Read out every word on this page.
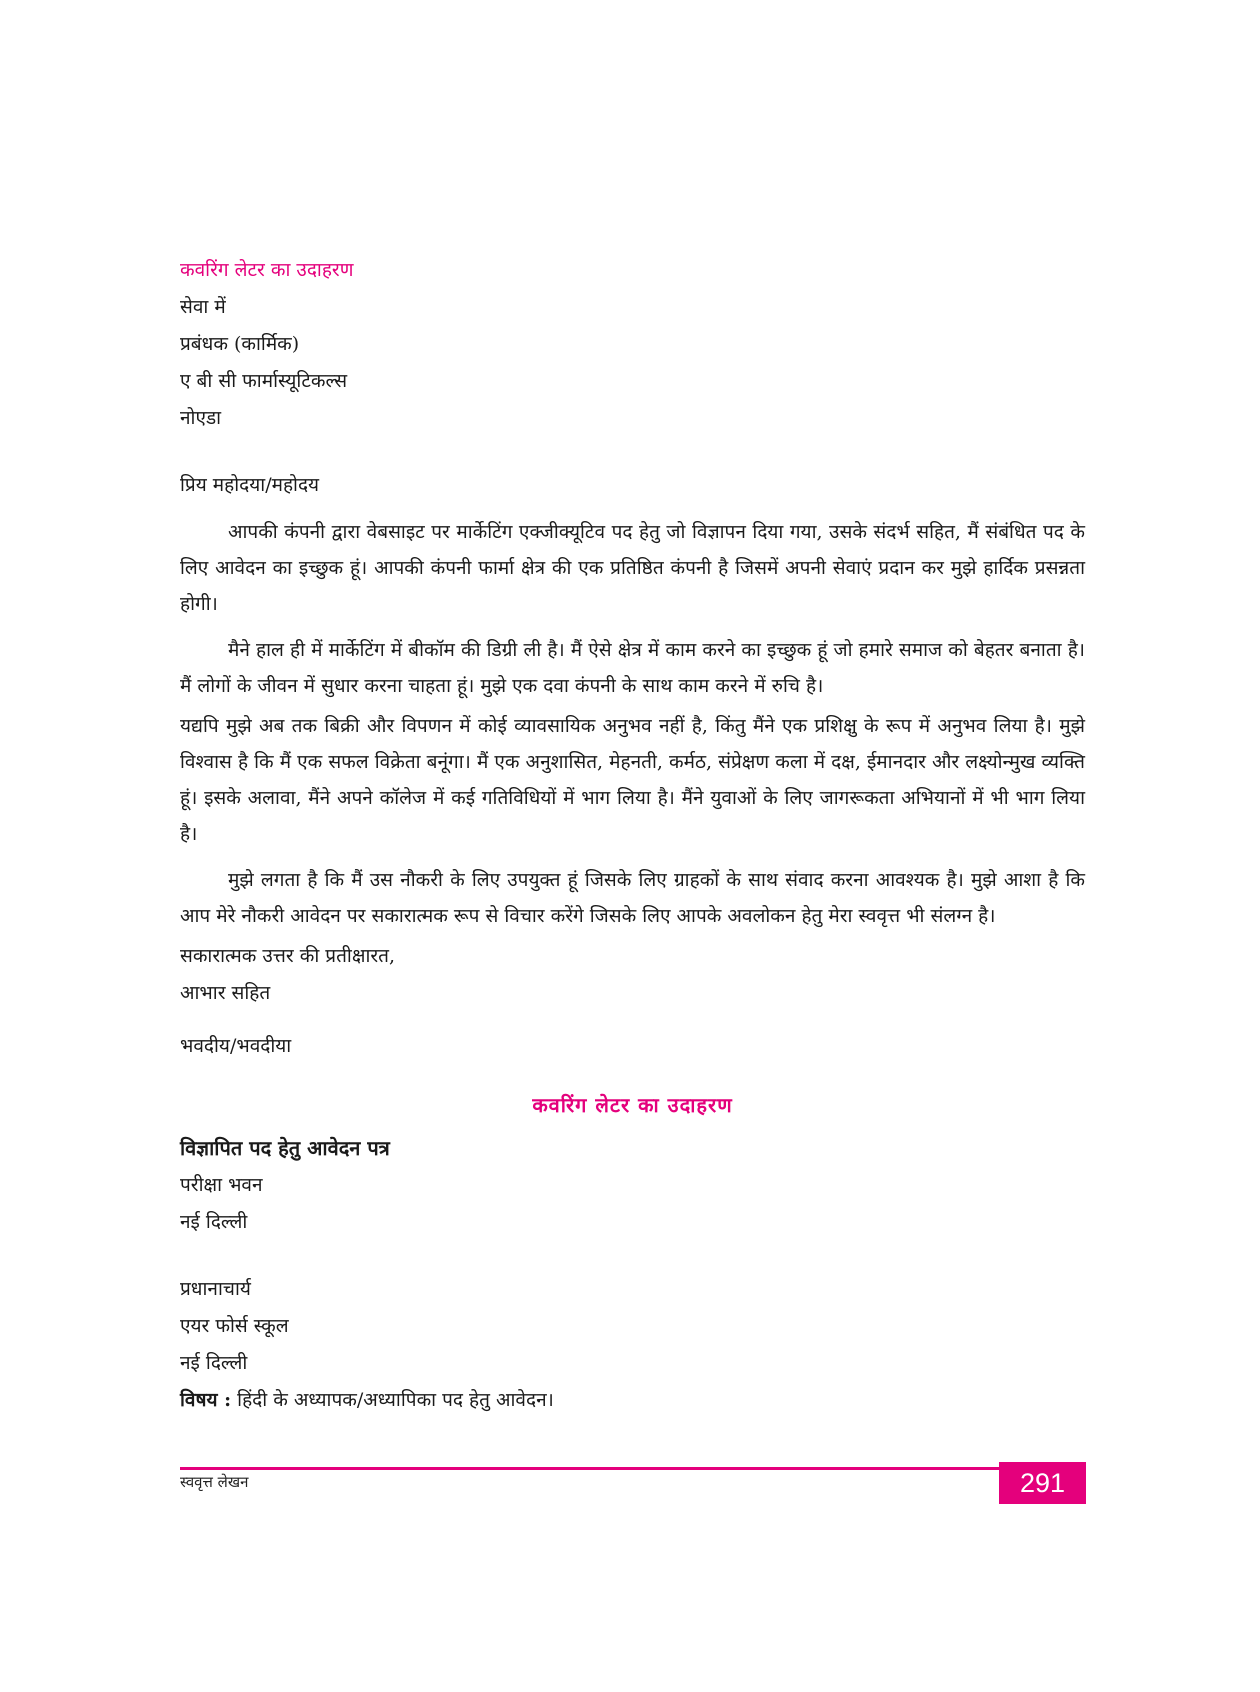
कवरिंग लेटर का उदाहरण
सेवा में
प्रबंधक (कार्मिक)
ए बी सी फार्मास्यूटिकल्स
नोएडा
प्रिय महोदया/महोदय

आपकी कंपनी द्वारा वेबसाइट पर मार्केटिंग एक्जीक्यूटिव पद हेतु जो विज्ञापन दिया गया, उसके संदर्भ सहित, मैं संबंधित पद के लिए आवेदन का इच्छुक हूं। आपकी कंपनी फार्मा क्षेत्र की एक प्रतिष्ठित कंपनी है जिसमें अपनी सेवाएं प्रदान कर मुझे हार्दिक प्रसन्नता होगी।

मैने हाल ही में मार्केटिंग में बीकॉम की डिग्री ली है। मैं ऐसे क्षेत्र में काम करने का इच्छुक हूं जो हमारे समाज को बेहतर बनाता है। मैं लोगों के जीवन में सुधार करना चाहता हूं। मुझे एक दवा कंपनी के साथ काम करने में रुचि है।

यद्यपि मुझे अब तक बिक्री और विपणन में कोई व्यावसायिक अनुभव नहीं है, किंतु मैंने एक प्रशिक्षु के रूप में अनुभव लिया है। मुझे विश्वास है कि मैं एक सफल विक्रेता बनूंगा। मैं एक अनुशासित, मेहनती, कर्मठ, संप्रेक्षण कला में दक्ष, ईमानदार और लक्ष्योन्मुख व्यक्ति हूं। इसके अलावा, मैंने अपने कॉलेज में कई गतिविधियों में भाग लिया है। मैंने युवाओं के लिए जागरूकता अभियानों में भी भाग लिया है।

मुझे लगता है कि मैं उस नौकरी के लिए उपयुक्त हूं जिसके लिए ग्राहकों के साथ संवाद करना आवश्यक है। मुझे आशा है कि आप मेरे नौकरी आवेदन पर सकारात्मक रूप से विचार करेंगे जिसके लिए आपके अवलोकन हेतु मेरा स्ववृत्त भी संलग्न है।

सकारात्मक उत्तर की प्रतीक्षारत,
आभार सहित
भवदीय/भवदीया
कवरिंग लेटर का उदाहरण
विज्ञापित पद हेतु आवेदन पत्र
परीक्षा भवन
नई दिल्ली
प्रधानाचार्य
एयर फोर्स स्कूल
नई दिल्ली
विषय : हिंदी के अध्यापक/अध्यापिका पद हेतु आवेदन।
स्ववृत्त लेखन	291
